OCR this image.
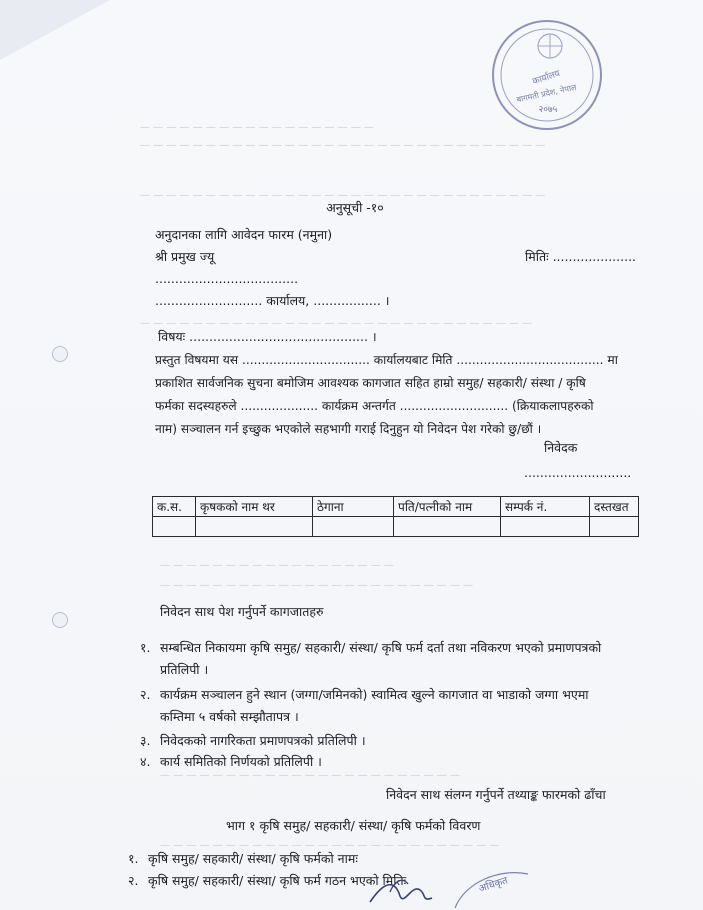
— — — — — — — — — — — — — — — — — —
— — — — — — — — — — — — — — — — — — — — — — — — — — — — — — —
— — — — — — — — — — — — — — — — — — — — — — — — — — — — — — —
— — — — — — — — — — — — — — — — — — — — — — — — — — — — — —
— — — — — — — — — — — — — — — — — —
— — — — — — — — — — — — — — — — — — — — — — — —
— — — — — — — — — — — — — — — — — — — — — — —
— — — — — — — — — — — — — — — — — — — — — — — — — —
कार्यालय
बागमती प्रदेश, नेपाल
२०७५
अनुसूची -१०
अनुदानका लागि आवेदन फारम (नमुना)
श्री प्रमुख ज्यू	मितिः .....................
....................................
........................... कार्यालय, ................. ।
विषयः ............................................. ।
प्रस्तुत विषयमा यस ................................. कार्यालयबाट मिति ...................................... मा
प्रकाशित सार्वजनिक सुचना बमोजिम आवश्यक कागजात सहित हाम्रो समुह/ सहकारी/ संस्था / कृषि
फर्मका सदस्यहरुले .................... कार्यक्रम अन्तर्गत ............................ (क्रियाकलापहरुको
नाम) सञ्चालन गर्न इच्छुक भएकोले सहभागी गराई दिनुहुन यो निवेदन पेश गरेको छु/छौं ।
निवेदक
...........................
क.स.	कृषकको नाम थर	ठेगाना	पति/पत्नीको नाम	सम्पर्क नं.	दस्तखत

निवेदन साथ पेश गर्नुपर्ने कागजातहरु
१. सम्बन्धित निकायमा कृषि समुह/ सहकारी/ संस्था/ कृषि फर्म दर्ता तथा नविकरण भएको प्रमाणपत्रको
प्रतिलिपी ।
२. कार्यक्रम सञ्चालन हुने स्थान (जग्गा/जमिनको) स्वामित्व खुल्ने कागजात वा भाडाको जग्गा भएमा
कम्तिमा ५ वर्षको सम्झौतापत्र ।
३. निवेदकको नागरिकता प्रमाणपत्रको प्रतिलिपी ।
४. कार्य समितिको निर्णयको प्रतिलिपी ।
निवेदन साथ संलग्न गर्नुपर्ने तथ्याङ्क फारमको ढाँचा
भाग १ कृषि समुह/ सहकारी/ संस्था/ कृषि फर्मको विवरण
१. कृषि समुह/ सहकारी/ संस्था/ कृषि फर्मको नामः
२. कृषि समुह/ सहकारी/ संस्था/ कृषि फर्म गठन भएको मितिः	अधिकृत
